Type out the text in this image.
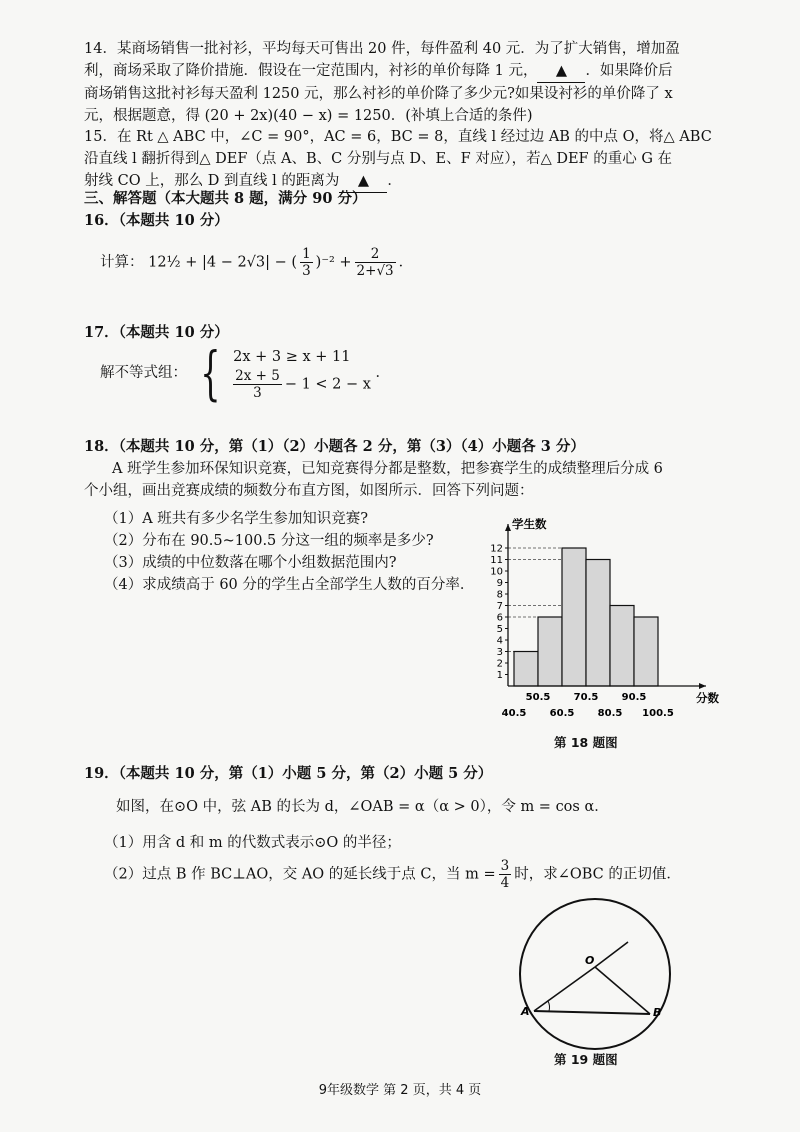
14．某商场销售一批衬衫，平均每天可售出 20 件，每件盈利 40 元．为了扩大销售，增加盈
利，商场采取了降价措施．假设在一定范围内，衬衫的单价每降 1 元， ▲ ．如果降价后
商场销售这批衬衫每天盈利 1250 元，那么衬衫的单价降了多少元?如果设衬衫的单价降了 x
元，根据题意，得 (20 + 2x)(40 − x) = 1250．(补填上合适的条件)
15．在 Rt △ ABC 中，∠C = 90°，AC = 6，BC = 8，直线 l 经过边 AB 的中点 O，将△ ABC
沿直线 l 翻折得到△ DEF（点 A、B、C 分别与点 D、E、F 对应），若△ DEF 的重心 G 在
射线 CO 上，那么 D 到直线 l 的距离为 ▲ ．
三、解答题（本大题共 8 题，满分 90 分）
16．（本题共 10 分）
计算： 12½ + |4 − 2√3| − ( $\frac{1}{3} )^{-2} + \frac{2}{2+√3}$ ．
17．（本题共 10 分）
解不等式组： { 2x + 3 ≥ x + 11
$\frac{2x + 5}{3} - 1 < 2 - x$
．
18．（本题共 10 分，第（1）（2）小题各 2 分，第（3）（4）小题各 3 分）
A 班学生参加环保知识竞赛，已知竞赛得分都是整数，把参赛学生的成绩整理后分成 6
个小组，画出竞赛成绩的频数分布直方图，如图所示．回答下列问题：
（1）A 班共有多少名学生参加知识竞赛?
（2）分布在 90.5~100.5 分这一组的频率是多少?
（3）成绩的中位数落在哪个小组数据范围内?
（4）求成绩高于 60 分的学生占全部学生人数的百分率．
1
2
3
4
5
6
7
8
9
10
11
12
40.5
50.5
60.5
70.5
80.5
90.5
100.5
学生数
分数
第 18 题图
19．（本题共 10 分，第（1）小题 5 分，第（2）小题 5 分）
如图，在⊙O 中，弦 AB 的长为 d，∠OAB = α（α > 0），令 m = cos α．
（1）用含 d 和 m 的代数式表示⊙O 的半径；
（2）过点 B 作 BC⊥AO，交 AO 的延长线于点 C，当 $m = \frac{3}{4}$ 时，求∠OBC 的正切值．
O
A	B
第 19 题图
9年级数学 第 2 页，共 4 页
